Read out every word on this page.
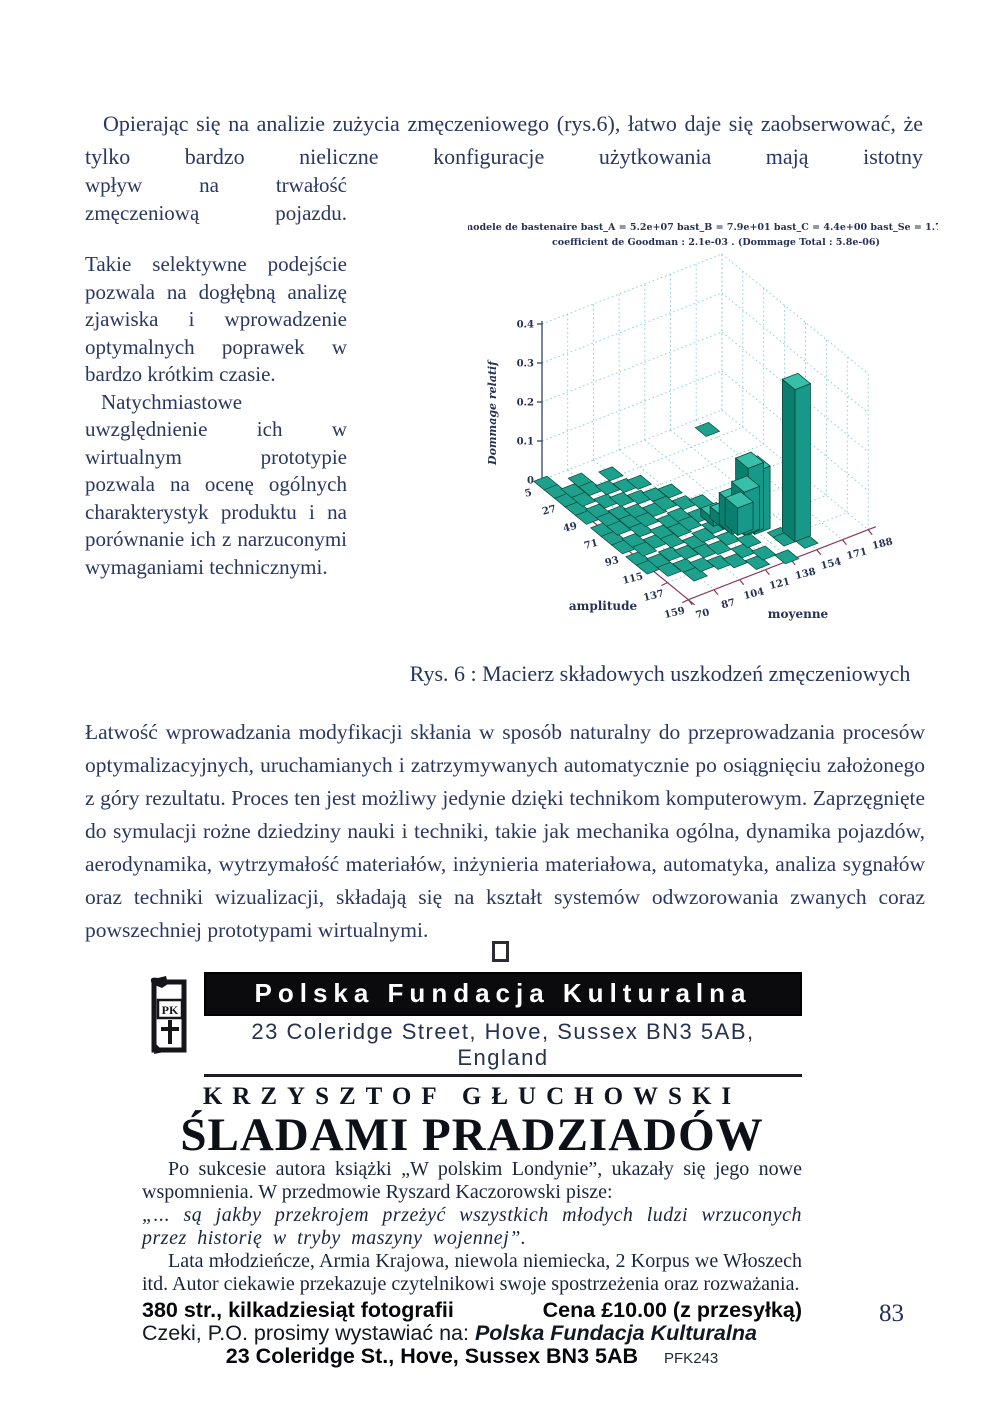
Opierając się na analizie zużycia zmęczeniowego (rys.6), łatwo daje się zaobserwować, że tylko bardzo nieliczne konfiguracje użytkowania mają istotny

wpływ na trwałość zmęczeniową pojazdu.

Takie selektywne podejście pozwala na dogłębną analizę zjawiska i wprowadzenie optymalnych poprawek w bardzo krótkim czasie.

Natychmiastowe uwzględnienie ich w wirtualnym prototypie pozwala na ocenę ogólnych charakterystyk produktu i na porównanie ich z narzuconymi wymaganiami technicznymi.

0
0.1
0.2
0.3
0.4
5
27
49
71
93
115
137
159 70
87
104
121
138
154
171
188
amplitude
moyenne
Dommage relatif
modele de bastenaire bast_A = 5.2e+07 bast_B = 7.9e+01 bast_C = 4.4e+00 bast_Se = 1.7e+02
coefficient de Goodman : 2.1e-03 . (Dommage Total : 5.8e-06)

Rys. 6 : Macierz składowych uszkodzeń zmęczeniowych

Łatwość wprowadzania modyfikacji skłania w sposób naturalny do przeprowadzania procesów optymalizacyjnych, uruchamianych i zatrzymywanych automatycznie po osiągnięciu założonego z góry rezultatu. Proces ten jest możliwy jedynie dzięki technikom komputerowym. Zaprzęgnięte do symulacji rożne dziedziny nauki i techniki, takie jak mechanika ogólna, dynamika pojazdów, aerodynamika, wytrzymałość materiałów, inżynieria materiałowa, automatyka, analiza sygnałów oraz techniki wizualizacji, składają się na kształt systemów odwzorowania zwanych coraz powszechniej prototypami wirtualnymi.

PK
Polska Fundacja Kulturalna
23 Coleridge Street, Hove, Sussex BN3 5AB, England
KRZYSZTOF GŁUCHOWSKI
ŚLADAMI PRADZIADÓW

Po sukcesie autora książki „W polskim Londynie”, ukazały się jego nowe wspomnienia. W przedmowie Ryszard Kaczorowski pisze:

„... są jakby przekrojem przeżyć wszystkich młodych ludzi wrzuconych przez historię w tryby maszyny wojennej”.

Lata młodzieńcze, Armia Krajowa, niewola niemiecka, 2 Korpus we Włoszech itd. Autor ciekawie przekazuje czytelnikowi swoje spostrzeżenia oraz rozważania.

380 str., kilkadziesiąt fotografii	Cena £10.00 (z przesyłką)
Czeki, P.O. prosimy wystawiać na: Polska Fundacja Kulturalna
23 Coleridge St., Hove, Sussex BN3 5AB PFK243
83
